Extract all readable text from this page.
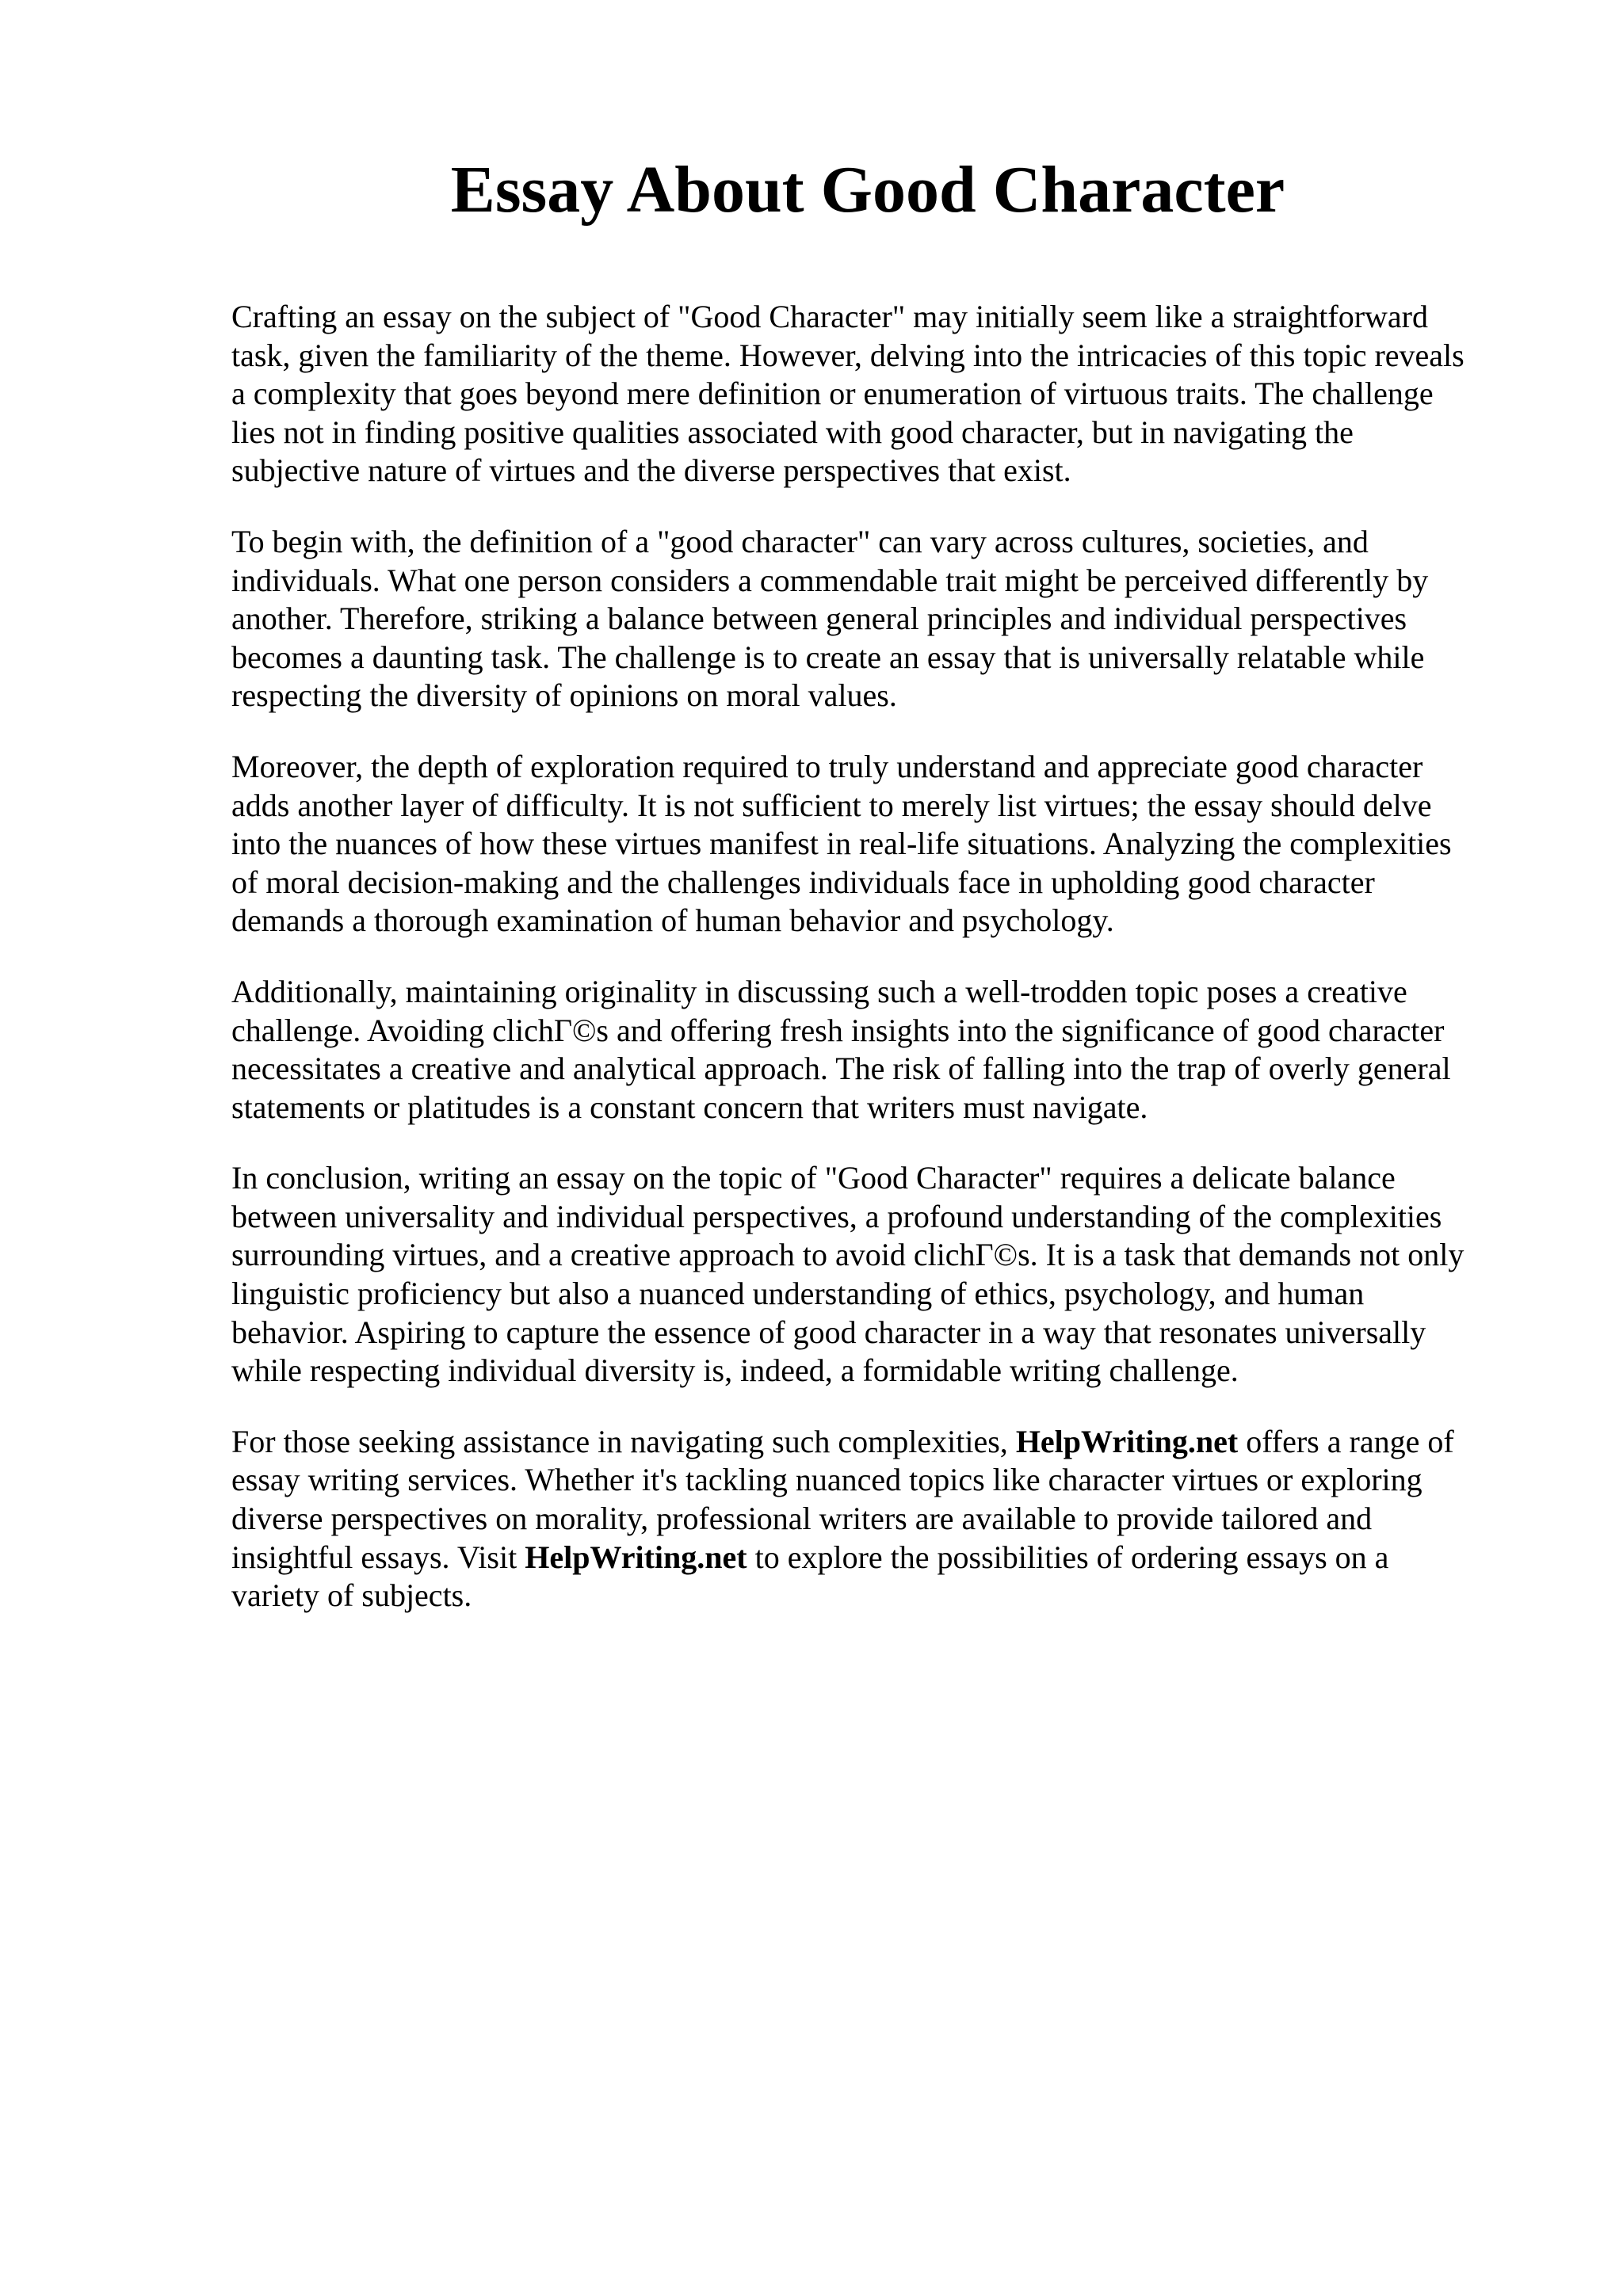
Essay About Good Character

Crafting an essay on the subject of "Good Character" may initially seem like a straightforward
task, given the familiarity of the theme. However, delving into the intricacies of this topic reveals
a complexity that goes beyond mere definition or enumeration of virtuous traits. The challenge
lies not in finding positive qualities associated with good character, but in navigating the
subjective nature of virtues and the diverse perspectives that exist.

To begin with, the definition of a "good character" can vary across cultures, societies, and
individuals. What one person considers a commendable trait might be perceived differently by
another. Therefore, striking a balance between general principles and individual perspectives
becomes a daunting task. The challenge is to create an essay that is universally relatable while
respecting the diversity of opinions on moral values.

Moreover, the depth of exploration required to truly understand and appreciate good character
adds another layer of difficulty. It is not sufficient to merely list virtues; the essay should delve
into the nuances of how these virtues manifest in real-life situations. Analyzing the complexities
of moral decision-making and the challenges individuals face in upholding good character
demands a thorough examination of human behavior and psychology.

Additionally, maintaining originality in discussing such a well-trodden topic poses a creative
challenge. Avoiding clichΓ©s and offering fresh insights into the significance of good character
necessitates a creative and analytical approach. The risk of falling into the trap of overly general
statements or platitudes is a constant concern that writers must navigate.

In conclusion, writing an essay on the topic of "Good Character" requires a delicate balance
between universality and individual perspectives, a profound understanding of the complexities
surrounding virtues, and a creative approach to avoid clichΓ©s. It is a task that demands not only
linguistic proficiency but also a nuanced understanding of ethics, psychology, and human
behavior. Aspiring to capture the essence of good character in a way that resonates universally
while respecting individual diversity is, indeed, a formidable writing challenge.

For those seeking assistance in navigating such complexities, HelpWriting.net offers a range of
essay writing services. Whether it's tackling nuanced topics like character virtues or exploring
diverse perspectives on morality, professional writers are available to provide tailored and
insightful essays. Visit HelpWriting.net to explore the possibilities of ordering essays on a
variety of subjects.
